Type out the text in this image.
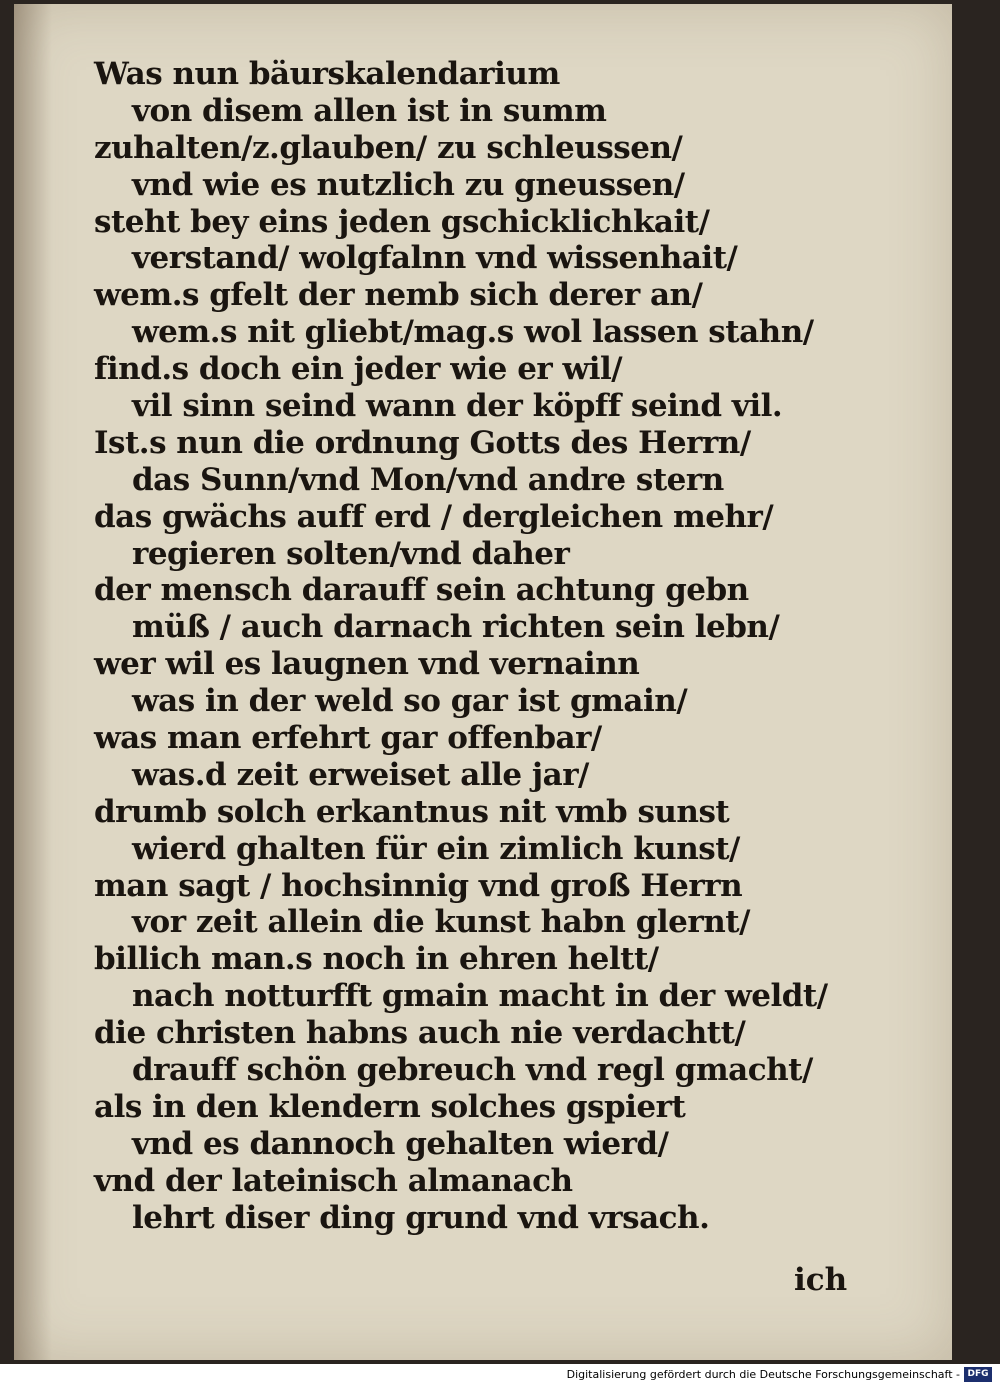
Was nun bäurskalendarium
von disem allen ist in summ
zuhalten/z.glauben/ zu schleussen/
vnd wie es nutzlich zu gneussen/
steht bey eins jeden gschicklichkait/
verstand/ wolgfalnn vnd wissenhait/
wem.s gfelt der nemb sich derer an/
wem.s nit gliebt/mag.s wol lassen stahn/
find.s doch ein jeder wie er wil/
vil sinn seind wann der köpff seind vil.
Ist.s nun die ordnung Gotts des Herrn/
das Sunn/vnd Mon/vnd andre stern
das gwächs auff erd / dergleichen mehr/
regieren solten/vnd daher
der mensch darauff sein achtung gebn
müß / auch darnach richten sein lebn/
wer wil es laugnen vnd vernainn
was in der weld so gar ist gmain/
was man erfehrt gar offenbar/
was.d zeit erweiset alle jar/
drumb solch erkantnus nit vmb sunst
wierd ghalten für ein zimlich kunst/
man sagt / hochsinnig vnd groß Herrn
vor zeit allein die kunst habn glernt/
billich man.s noch in ehren heltt/
nach notturfft gmain macht in der weldt/
die christen habns auch nie verdachtt/
drauff schön gebreuch vnd regl gmacht/
als in den klendern solches gspiert
vnd es dannoch gehalten wierd/
vnd der lateinisch almanach
lehrt diser ding grund vnd vrsach.
ich
Digitalisierung gefördert durch die Deutsche Forschungsgemeinschaft - DFG
